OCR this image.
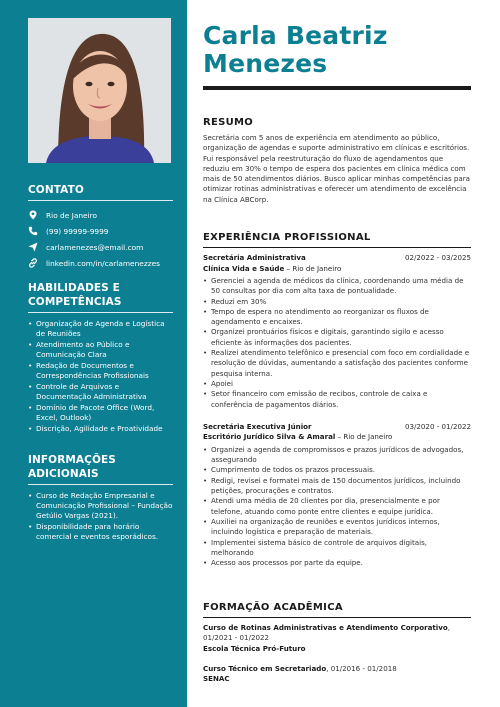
CONTATO
Rio de Janeiro
(99) 99999-9999
carlamenezes@email.com
linkedin.com/in/carlamenezzes
HABILIDADES E COMPETÊNCIAS
• Organização de Agenda e Logística de Reuniões
• Atendimento ao Público e Comunicação Clara
• Redação de Documentos e Correspondências Profissionais
• Controle de Arquivos e Documentação Administrativa
• Domínio de Pacote Office (Word, Excel, Outlook)
• Discrição, Agilidade e Proatividade
INFORMAÇÕES ADICIONAIS
• Curso de Redação Empresarial e Comunicação Profissional – Fundação Getúlio Vargas (2021).
• Disponibilidade para horário comercial e eventos esporádicos.
Carla Beatriz
Menezes
RESUMO
Secretária com 5 anos de experiência em atendimento ao público, organização de agendas e suporte administrativo em clínicas e escritórios. Fui responsável pela reestruturação do fluxo de agendamentos que reduziu em 30% o tempo de espera dos pacientes em clínica médica com mais de 50 atendimentos diários. Busco aplicar minhas competências para otimizar rotinas administrativas e oferecer um atendimento de excelência na Clínica ABCorp.
EXPERIÊNCIA PROFISSIONAL
Secretária Administrativa	02/2022 - 03/2025
Clínica Vida e Saúde – Rio de Janeiro
• Gerenciei a agenda de médicos da clínica, coordenando uma média de 50 consultas por dia com alta taxa de pontualidade.
• Reduzi em 30%
• Tempo de espera no atendimento ao reorganizar os fluxos de agendamento e encaixes.
• Organizei prontuários físicos e digitais, garantindo sigilo e acesso eficiente às informações dos pacientes.
• Realizei atendimento telefônico e presencial com foco em cordialidade e resolução de dúvidas, aumentando a satisfação dos pacientes conforme pesquisa interna.
• Apoiei
• Setor financeiro com emissão de recibos, controle de caixa e conferência de pagamentos diários.
Secretária Executiva Júnior	03/2020 - 01/2022
Escritório Jurídico Silva & Amaral – Rio de Janeiro
• Organizei a agenda de compromissos e prazos jurídicos de advogados, assegurando
• Cumprimento de todos os prazos processuais.
• Redigi, revisei e formatei mais de 150 documentos jurídicos, incluindo petições, procurações e contratos.
• Atendi uma média de 20 clientes por dia, presencialmente e por telefone, atuando como ponte entre clientes e equipe jurídica.
• Auxiliei na organização de reuniões e eventos jurídicos internos, incluindo logística e preparação de materiais.
• Implementei sistema básico de controle de arquivos digitais, melhorando
• Acesso aos processos por parte da equipe.
FORMAÇÃO ACADÊMICA
Curso de Rotinas Administrativas e Atendimento Corporativo, 01/2021 - 01/2022
Escola Técnica Pró-Futuro
Curso Técnico em Secretariado, 01/2016 - 01/2018
SENAC
